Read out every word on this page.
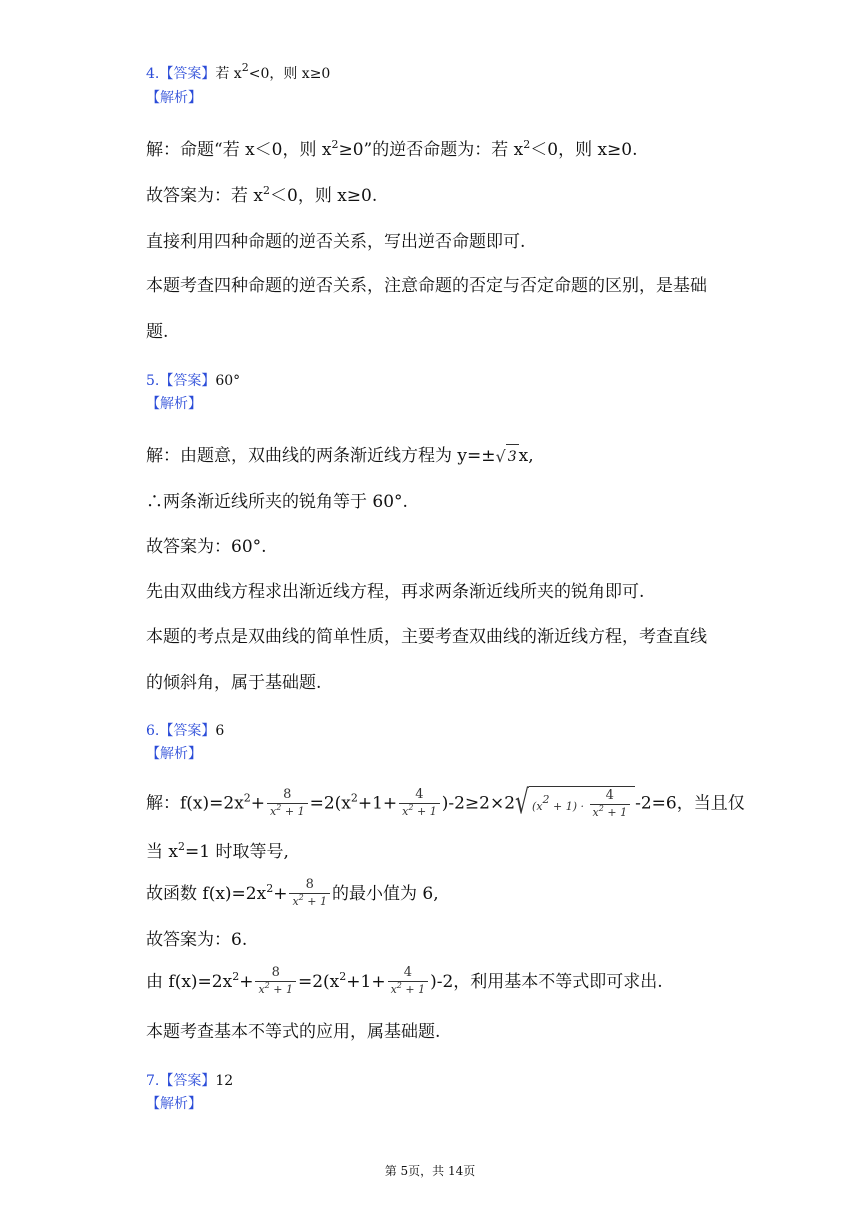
4.【答案】若 $x^2<0$，则 x≥0
【解析】
解：命题“若 x＜0，则 $x^2\ge 0$”的逆否命题为：若 $x^2<0$，则 x≥0.
故答案为：若 $x^2<0$，则 x≥0.
直接利用四种命题的逆否关系，写出逆否命题即可.
本题考查四种命题的逆否关系，注意命题的否定与否定命题的区别，是基础
题.
5.【答案】60°
【解析】
解：由题意，双曲线的两条渐近线方程为 y=±√ 3 x,
∴两条渐近线所夹的锐角等于 60°.
故答案为：60°.
先由双曲线方程求出渐近线方程，再求两条渐近线所夹的锐角即可.
本题的考点是双曲线的简单性质，主要考查双曲线的渐近线方程，考查直线
的倾斜角，属于基础题.
6.【答案】6
【解析】
解：$f(x)=2x^2+ \frac{8}{x^2 + 1} =2(x^2+1+ \frac{4}{x^2 + 1} )-2\ge 2\times 2√$ $(x^2 + 1) \cdot \frac{4}{x^2 + 1} -2=6$，当且仅
当 $x^2=1$ 时取等号,
故函数 $f(x)=2x^2+ \frac{8}{x^2 + 1}$ 的最小值为 6,
故答案为：6.
由 $f(x)=2x^2+ \frac{8}{x^2 + 1} =2(x^2+1+ \frac{4}{x^2 + 1} )-2$，利用基本不等式即可求出.
本题考查基本不等式的应用，属基础题.
7.【答案】12
【解析】
第 5页，共 14页
